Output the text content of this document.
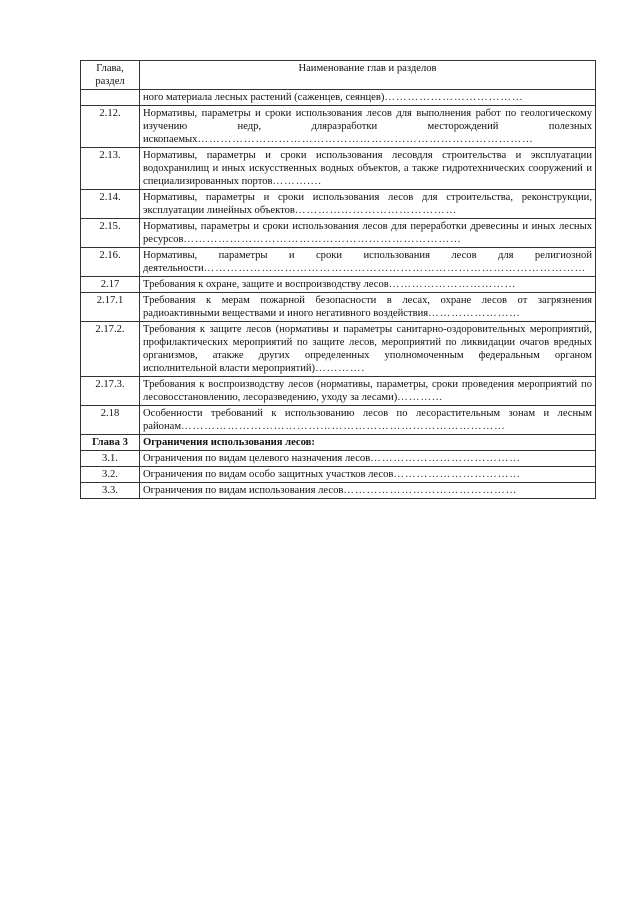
Глава, раздел	Наименование глав и разделов
	ного материала лесных растений (саженцев, сеянцев)………………………………
2.12.	Нормативы, параметры и сроки использования лесов для выполнения работ по геологическому изучению недр, дляразработки месторождений полезных ископаемых……………………………………………………………………………
2.13.	Нормативы, параметры и сроки использования лесовдля строительства и эксплуатации водохранилищ и иных искусственных водных объектов, а также гидротехнических сооружений и специализированных портов………....
2.14.	Нормативы, параметры и сроки использования лесов для строительства, реконструкции, эксплуатации линейных объектов……………………………………
2.15.	Нормативы, параметры и сроки использования лесов для переработки древесины и иных лесных ресурсов………………………………………………………………
2.16.	Нормативы, параметры и сроки использования лесов для религиозной деятельности………………………………………………………………………………………
2.17	Требования к охране, защите и воспроизводству лесов……………………………
2.17.1	Требования к мерам пожарной безопасности в лесах, охране лесов от загрязнения радиоактивными веществами и иного негативного воздействия……………………
2.17.2.	Требования к защите лесов (нормативы и параметры санитарно-оздоровительных мероприятий, профилактических мероприятий по защите лесов, мероприятий по ликвидации очагов вредных организмов, атакже других определенных уполномоченным федеральным органом исполнительной власти мероприятий)………….
2.17.3.	Требования к воспроизводству лесов (нормативы, параметры, сроки проведения мероприятий по лесовосстановлению, лесоразведению, уходу за лесами)………...
2.18	Особенности требований к использованию лесов по лесорастительным зонам и лесным районам…………………………………………………………………………
Глава 3	Ограничения использования лесов:
3.1.	Ограничения по видам целевого назначения лесов…………………………………
3.2.	Ограничения по видам особо защитных участков лесов……………………………
3.3.	Ограничения по видам использования лесов………………………………………
